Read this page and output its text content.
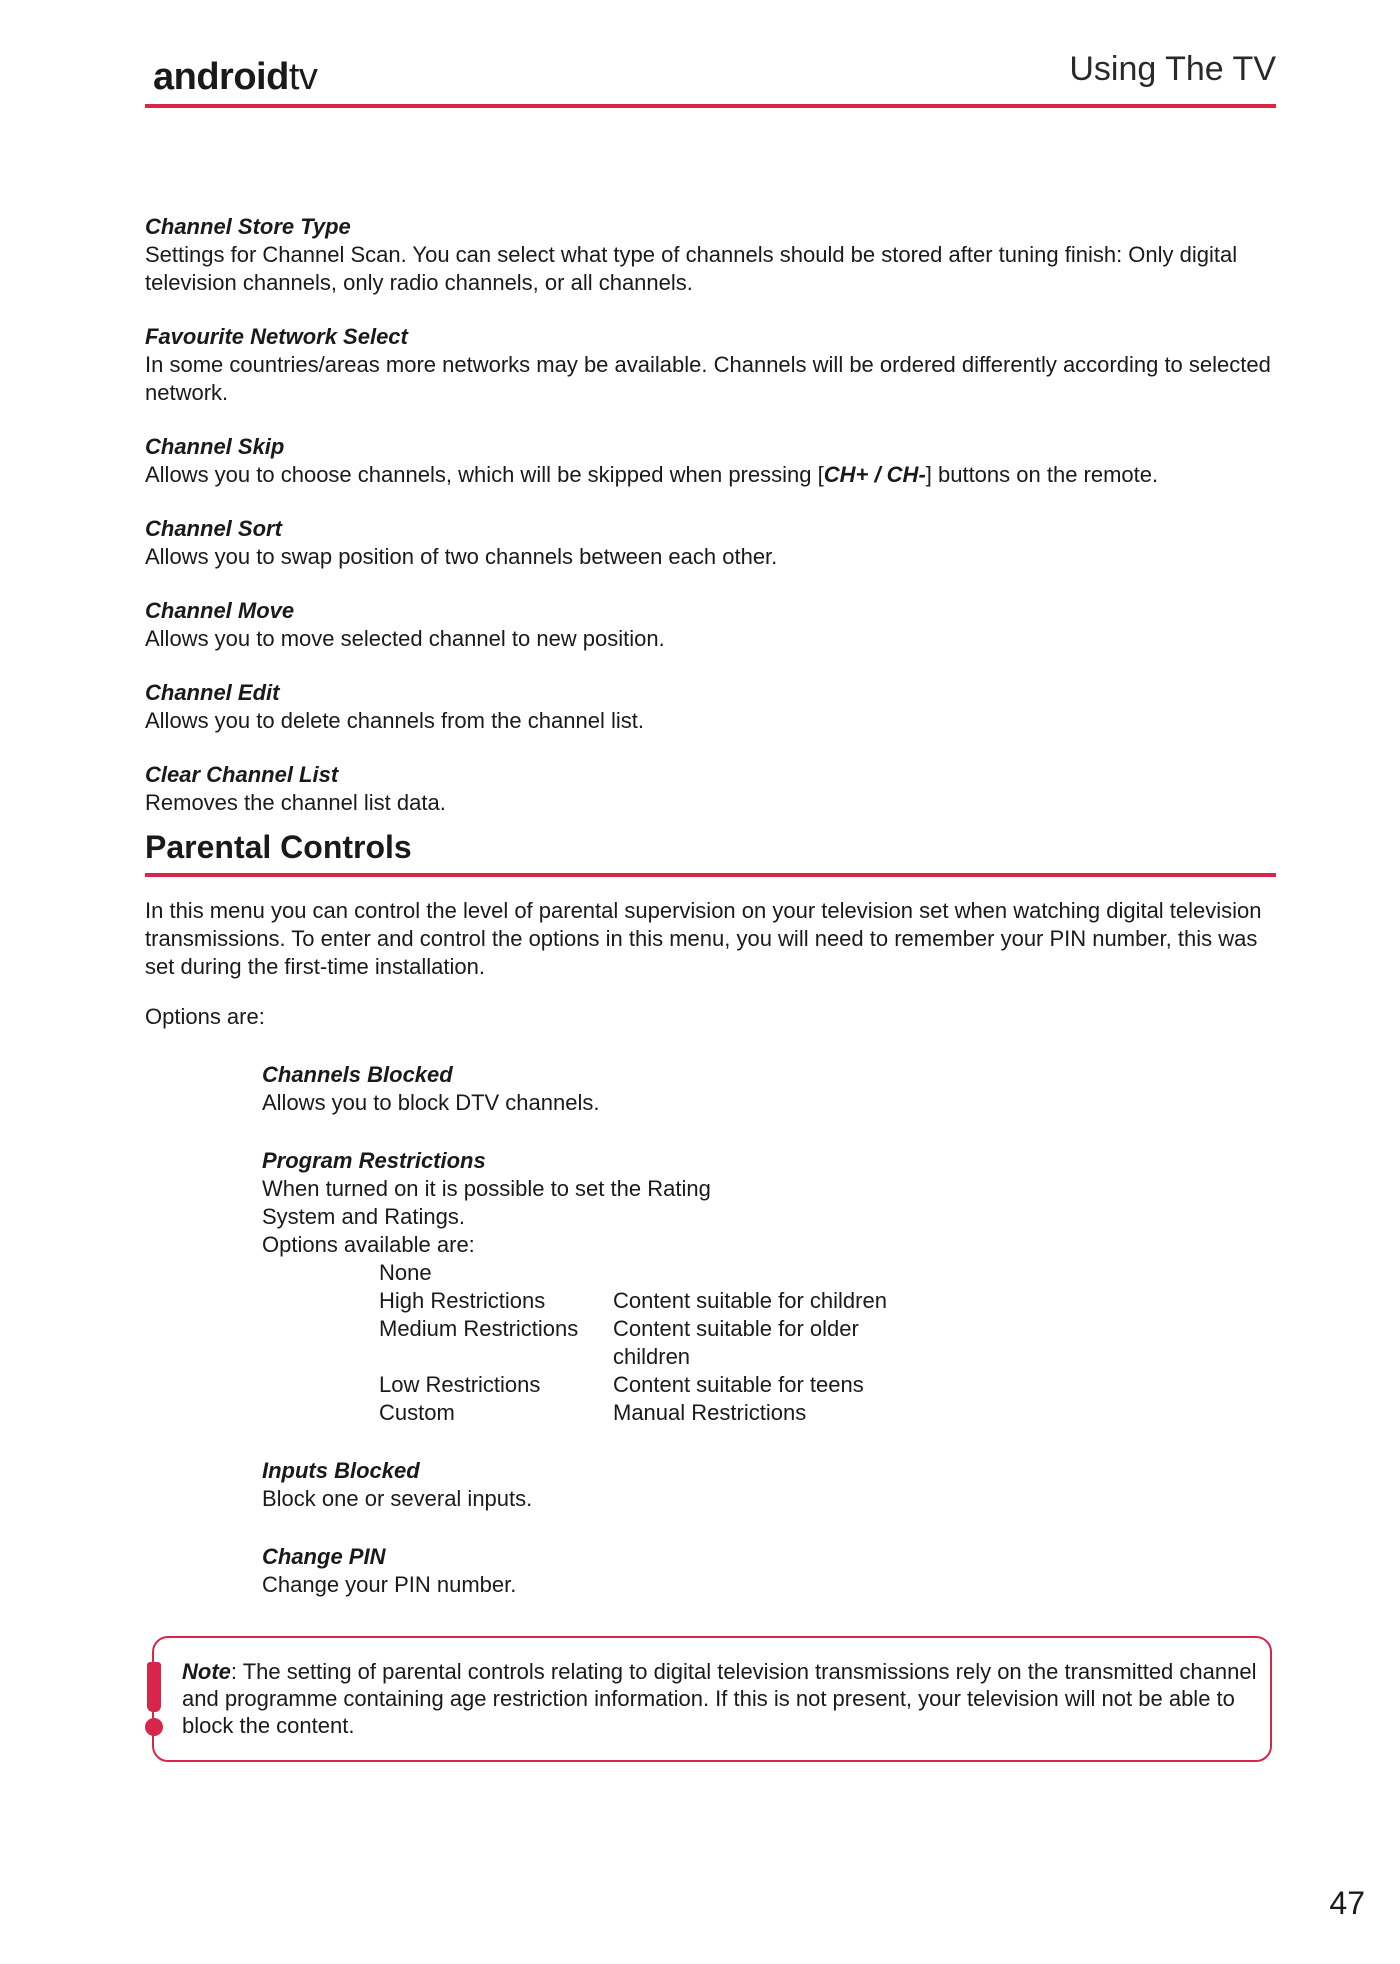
androidtv	Using The TV
Channel Store Type
Settings for Channel Scan. You can select what type of channels should be stored after tuning finish: Only digital television channels, only radio channels, or all channels.
Favourite Network Select
In some countries/areas more networks may be available. Channels will be ordered differently according to selected network.
Channel Skip
Allows you to choose channels, which will be skipped when pressing [CH+ / CH-] buttons on the remote.
Channel Sort
Allows you to swap position of two channels between each other.
Channel Move
Allows you to move selected channel to new position.
Channel Edit
Allows you to delete channels from the channel list.
Clear Channel List
Removes the channel list data.
Parental Controls

In this menu you can control the level of parental supervision on your television set when watching digital television transmissions. To enter and control the options in this menu, you will need to remember your PIN number, this was set during the first-time installation.

Options are:

Channels Blocked
Allows you to block DTV channels.
Program Restrictions
When turned on it is possible to set the Rating
System and Ratings.
Options available are:
None
High Restrictions	Content suitable for children
Medium Restrictions	Content suitable for older children
Low Restrictions	Content suitable for teens
Custom	Manual Restrictions
Inputs Blocked
Block one or several inputs.
Change PIN
Change your PIN number.
Note: The setting of parental controls relating to digital television transmissions rely on the transmitted channel and programme containing age restriction information. If this is not present, your television will not be able to block the content.
47
